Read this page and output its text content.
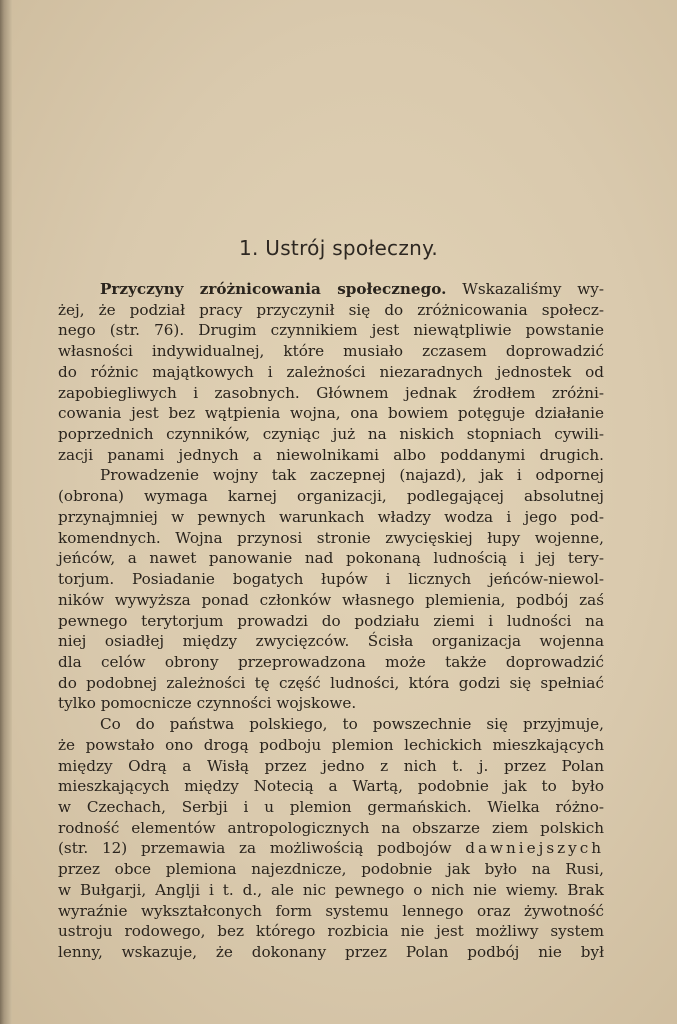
1. Ustrój społeczny.
Przyczyny zróżnicowania społecznego. Wskazaliśmy wy-
żej, że podział pracy przyczynił się do zróżnicowania społecz-
nego (str. 76). Drugim czynnikiem jest niewątpliwie powstanie
własności indywidualnej, które musiało zczasem doprowadzić
do różnic majątkowych i zależności niezaradnych jednostek od
zapobiegliwych i zasobnych. Głównem jednak źrodłem zróżni-
cowania jest bez wątpienia wojna, ona bowiem potęguje działanie
poprzednich czynników, czyniąc już na niskich stopniach cywili-
zacji panami jednych a niewolnikami albo poddanymi drugich.
Prowadzenie wojny tak zaczepnej (najazd), jak i odpornej
(obrona) wymaga karnej organizacji, podlegającej absolutnej
przynajmniej w pewnych warunkach władzy wodza i jego pod-
komendnych. Wojna przynosi stronie zwycięskiej łupy wojenne,
jeńców, a nawet panowanie nad pokonaną ludnością i jej tery-
torjum. Posiadanie bogatych łupów i licznych jeńców-niewol-
ników wywyższa ponad członków własnego plemienia, podbój zaś
pewnego terytorjum prowadzi do podziału ziemi i ludności na
niej osiadłej między zwycięzców. Ścisła organizacja wojenna
dla celów obrony przeprowadzona może także doprowadzić
do podobnej zależności tę część ludności, która godzi się spełniać
tylko pomocnicze czynności wojskowe.
Co do państwa polskiego, to powszechnie się przyjmuje,
że powstało ono drogą podboju plemion lechickich mieszkających
między Odrą a Wisłą przez jedno z nich t. j. przez Polan
mieszkających między Notecią a Wartą, podobnie jak to było
w Czechach, Serbji i u plemion germańskich. Wielka różno-
rodność elementów antropologicznych na obszarze ziem polskich
(str. 12) przemawia za możliwością podbojów dawniejszych
przez obce plemiona najezdnicze, podobnie jak było na Rusi,
w Bułgarji, Anglji i t. d., ale nic pewnego o nich nie wiemy. Brak
wyraźnie wykształconych form systemu lennego oraz żywotność
ustroju rodowego, bez którego rozbicia nie jest możliwy system
lenny, wskazuje, że dokonany przez Polan podbój nie był
